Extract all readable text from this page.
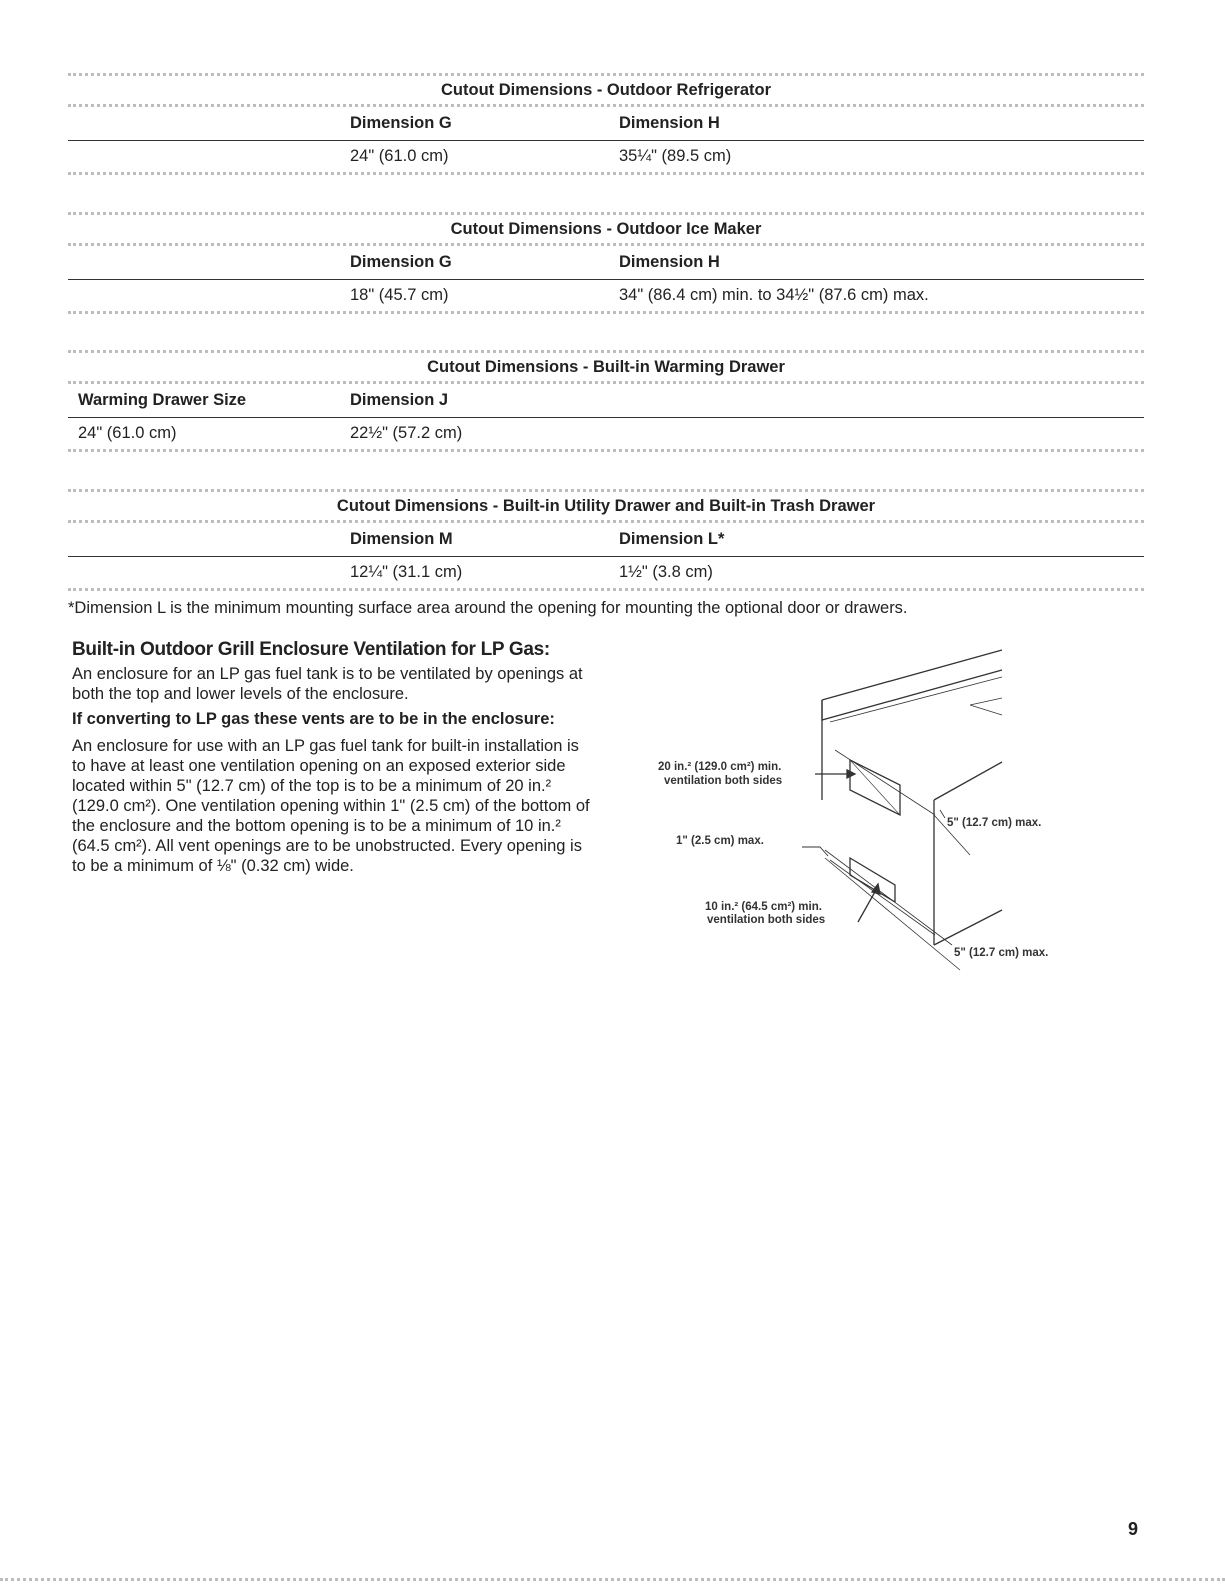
Cutout Dimensions - Outdoor Refrigerator
Dimension G	Dimension H
24" (61.0 cm)	35¼" (89.5 cm)
Cutout Dimensions - Outdoor Ice Maker
Dimension G	Dimension H
18" (45.7 cm)	34" (86.4 cm) min. to 34½" (87.6 cm) max.
Cutout Dimensions - Built-in Warming Drawer
Warming Drawer Size	Dimension J
24" (61.0 cm)	22½" (57.2 cm)
Cutout Dimensions - Built-in Utility Drawer and Built-in Trash Drawer
Dimension M	Dimension L*
12¼" (31.1 cm)	1½" (3.8 cm)
*Dimension L is the minimum mounting surface area around the opening for mounting the optional door or drawers.
Built-in Outdoor Grill Enclosure Ventilation for LP Gas:
An enclosure for an LP gas fuel tank is to be ventilated by openings at both the top and lower levels of the enclosure.
If converting to LP gas these vents are to be in the enclosure:
An enclosure for use with an LP gas fuel tank for built-in installation is to have at least one ventilation opening on an exposed exterior side located within 5" (12.7 cm) of the top is to be a minimum of 20 in.² (129.0 cm²). One ventilation opening within 1" (2.5 cm) of the bottom of the enclosure and the bottom opening is to be a minimum of 10 in.² (64.5 cm²). All vent openings are to be unobstructed. Every opening is to be a minimum of ⅛" (0.32 cm) wide.
20 in.² (129.0 cm²) min.
ventilation both sides
5" (12.7 cm) max.
1" (2.5 cm) max.
10 in.² (64.5 cm²) min.
ventilation both sides
5" (12.7 cm) max.
9
